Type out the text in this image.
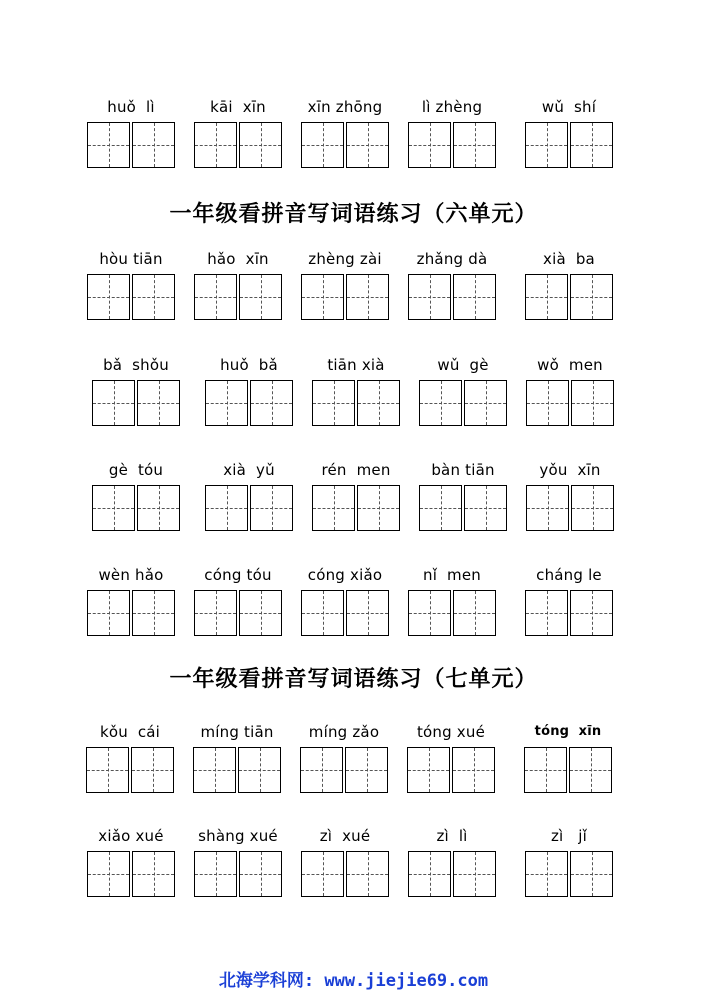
huǒ  lì	kāi  xīn	xīn zhōng	lì zhèng	wǔ  shí
一年级看拼音写词语练习（六单元）
hòu tiān	hǎo  xīn	zhèng zài	zhǎng dà	xià  ba
bǎ  shǒu	huǒ  bǎ	tiān xià	wǔ  gè	wǒ  men
gè  tóu	xià  yǔ	rén  men	bàn tiān	yǒu  xīn
wèn hǎo	cóng tóu	cóng xiǎo	nǐ  men	cháng le
一年级看拼音写词语练习（七单元）
kǒu  cái	míng tiān	míng zǎo	tóng xué	tóng  xīn
xiǎo xué	shàng xué	zì  xué	zì  lì	zì   jǐ
北海学科网: www.jiejie69.com
